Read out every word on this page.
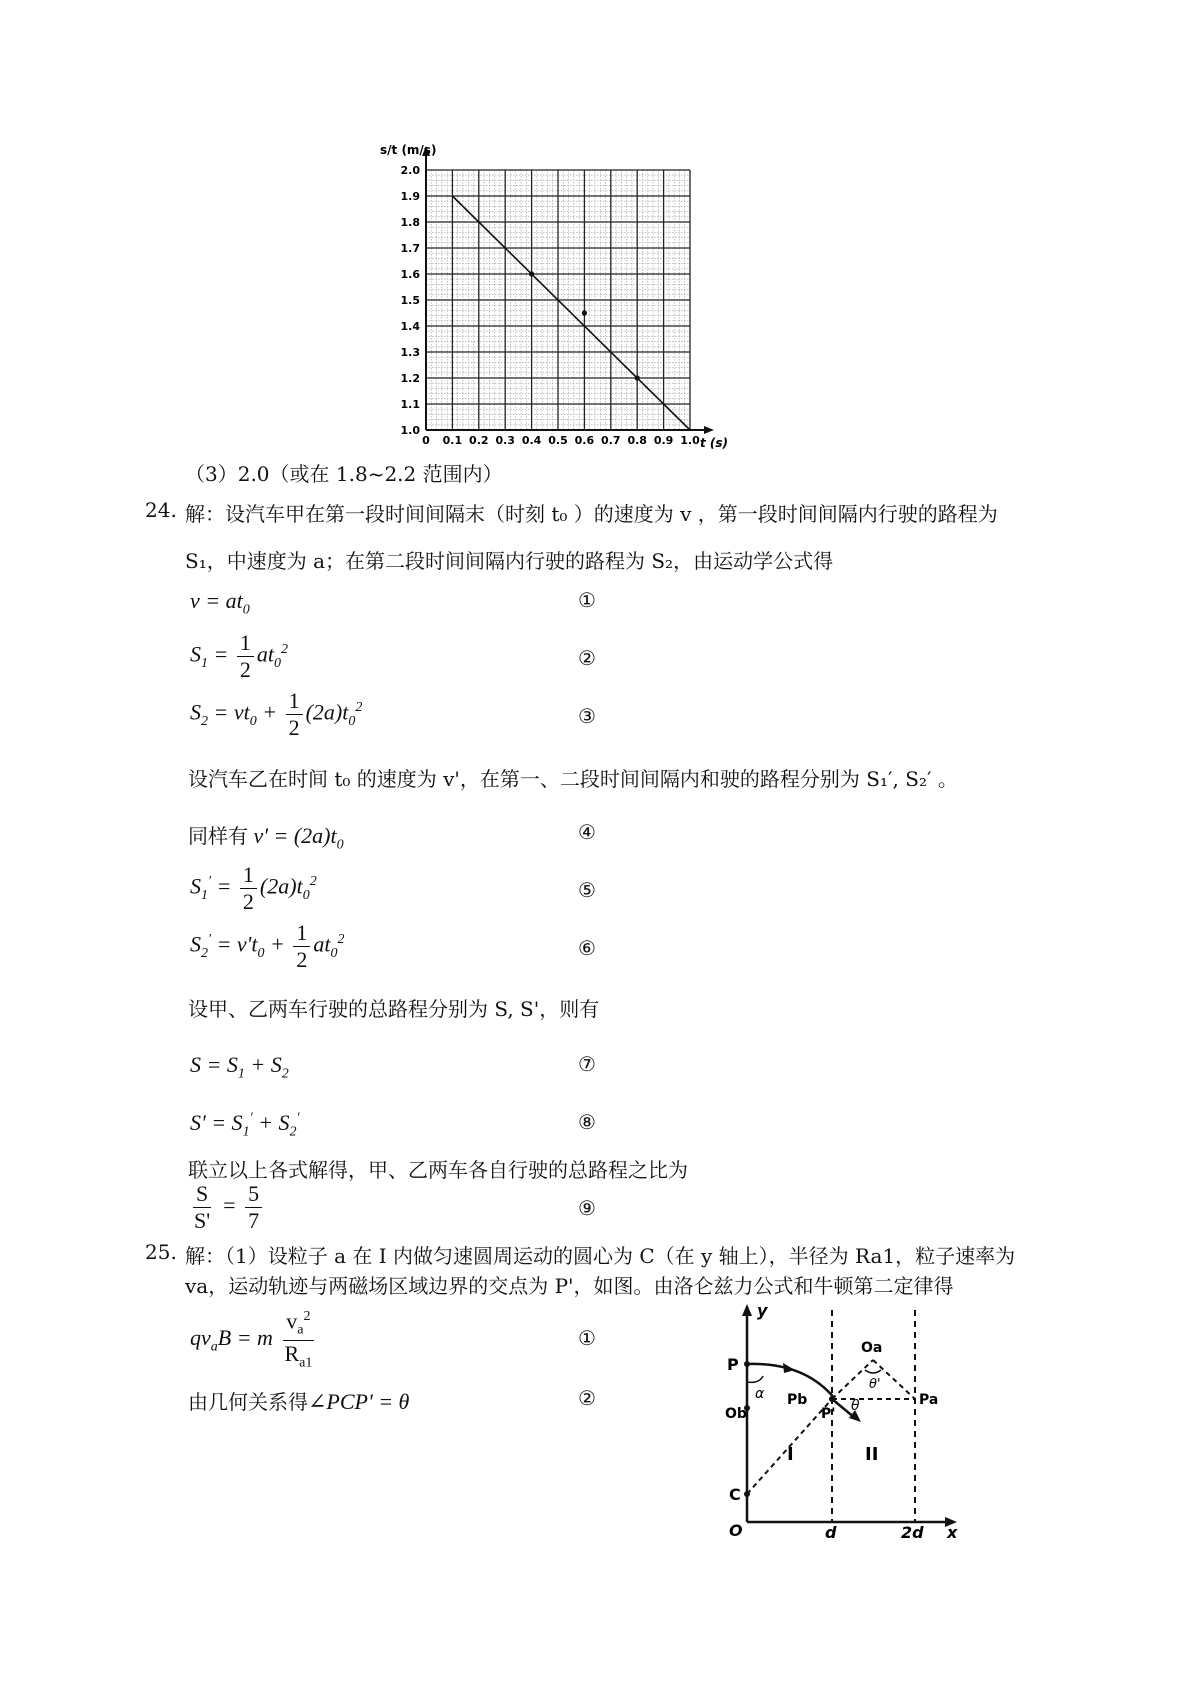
1.0
1.1
1.2
1.3
1.4
1.5
1.6
1.7
1.8
1.9
2.0
0 0.1 0.2 0.3 0.4 0.5 0.6 0.7 0.8 0.9 1.0
s/t (m/s)
t (s)
（3）2.0（或在 1.8~2.2 范围内）
24. 解：设汽车甲在第一段时间间隔末（时刻 t₀ ）的速度为 v ，第一段时间间隔内行驶的路程为
S₁，中速度为 a；在第二段时间间隔内行驶的路程为 S₂，由运动学公式得
$v = at_0$	①
$S_1 = \frac{1}{2} at_0^2$	②
$S_2 = vt_0 + \frac{1}{2} (2a)t_0^2$	③
设汽车乙在时间 t₀ 的速度为 v'，在第一、二段时间间隔内和驶的路程分别为 S₁′, S₂′ 。
同样有 $v' = (2a)t_0$
④
$S_1' = \frac{1}{2} (2a)t_0^2$	⑤
$S_2' = v't_0 + \frac{1}{2} at_0^2$	⑥
设甲、乙两车行驶的总路程分别为 S, S'，则有
$S = S_1 + S_2$	⑦
$S' = S_1' + S_2'$	⑧
联立以上各式解得，甲、乙两车各自行驶的总路程之比为
$\frac{S}{S'} = \frac{5}{7}$	⑨
25. 解：（1）设粒子 a 在 I 内做匀速圆周运动的圆心为 C（在 y 轴上），半径为 Ra1，粒子速率为
va，运动轨迹与两磁场区域边界的交点为 P'，如图。由洛仑兹力公式和牛顿第二定律得
$qv_aB = m \frac{v_a^2}{R_{a1}}$	①
由几何关系得∠PCP' = θ	②
y
P
Ob
C
O	d	2d x
I	II
Pb
P'
Pa
Oa
α
θ
θ'
